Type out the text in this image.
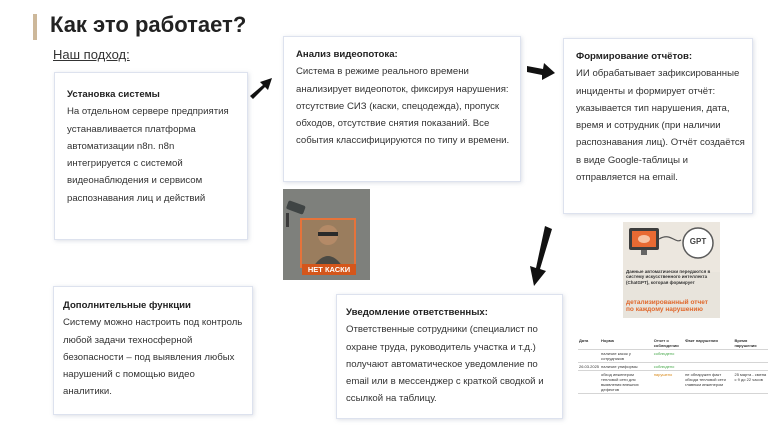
Как это работает?
Наш подход:
Установка системы
На отдельном сервере предприятия устанавливается платформа автоматизации n8n. n8n интегрируется с системой видеонаблюдения и сервисом распознавания лиц и действий
Анализ видеопотока:
Система в режиме реального времени анализирует видеопоток, фиксируя нарушения: отсутствие СИЗ (каски, спецодежда), пропуск обходов, отсутствие снятия показаний. Все события классифицируются по типу и времени.
Формирование отчётов:
ИИ обрабатывает зафиксированные инциденты и формирует отчёт: указывается тип нарушения, дата, время и сотрудник (при наличии распознавания лиц). Отчёт создаётся в виде Google-таблицы и отправляется на email.
Дополнительные функции
Систему можно настроить под контроль любой задачи техносферной безопасности – под выявления любых нарушений с помощью видео аналитики.
Уведомление ответственных:
Ответственные сотрудники (специалист по охране труда, руководитель участка и т.д.) получают автоматическое уведомление по email или в мессенджер с краткой сводкой и ссылкой на таблицу.
НЕТ КАСКИ
GPT
Данные автоматически передаются в систему искусственного интеллекта (ChatGPT), которая формирует
детализированный отчет по каждому нарушению
Дата	Норма	Отчет о соблюдении	Факт нарушения	Время нарушения
	наличие касок у сотрудников	соблюдено		
26.03.2025	наличие униформы	соблюдено		
	обход инженером тепловой сети для выявления внешних дефектов	нарушено	не обнаружен факт обхода тепловой сети главным инженером	25 марта - смена с 9 до 22 часов
